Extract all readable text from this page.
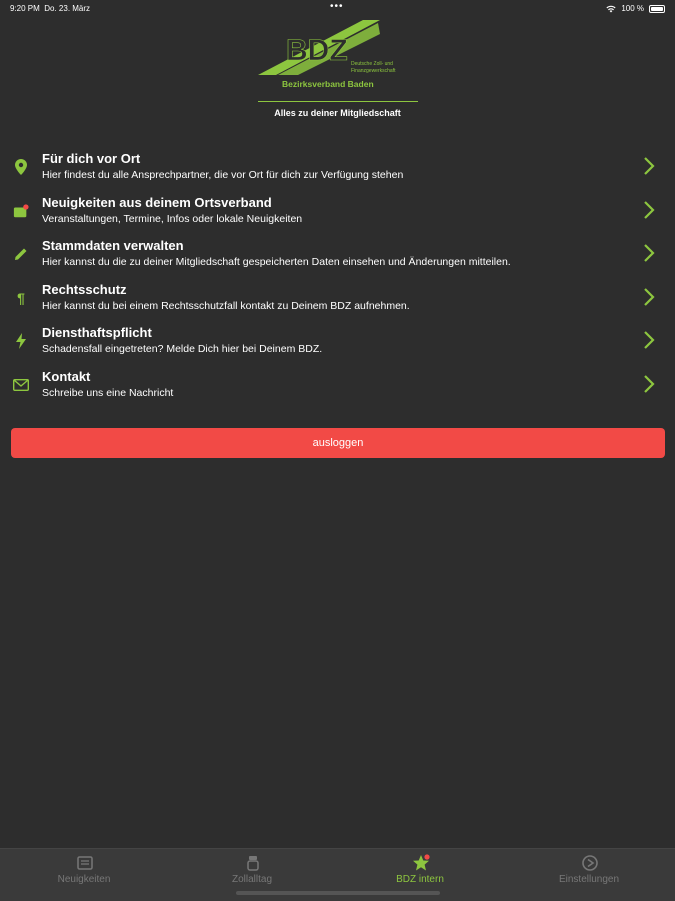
9:20 PM Do. 23. März	•••	100 %
BDZ Deutsche Zoll- und
Finanzgewerkschaft
Bezirksverband Baden
Alles zu deiner Mitgliedschaft
Für dich vor Ort
Hier findest du alle Ansprechpartner, die vor Ort für dich zur Verfügung stehen
Neuigkeiten aus deinem Ortsverband
Veranstaltungen, Termine, Infos oder lokale Neuigkeiten
Stammdaten verwalten
Hier kannst du die zu deiner Mitgliedschaft gespeicherten Daten einsehen und Änderungen mitteilen.
¶
Rechtsschutz
Hier kannst du bei einem Rechtsschutzfall kontakt zu Deinem BDZ aufnehmen.
Diensthaftspflicht
Schadensfall eingetreten? Melde Dich hier bei Deinem BDZ.
Kontakt
Schreibe uns eine Nachricht
ausloggen
Neuigkeiten	Zollalltag	BDZ intern	Einstellungen
